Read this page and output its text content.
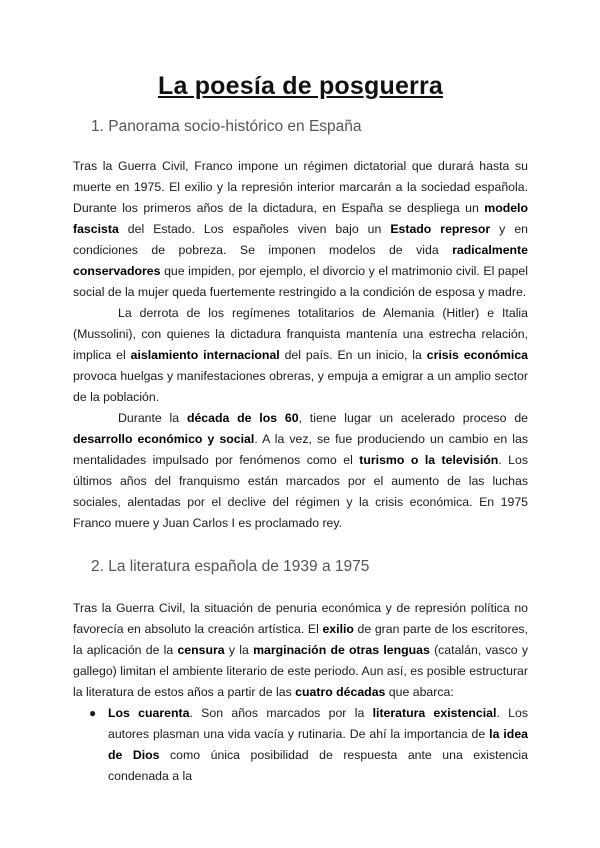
La poesía de posguerra
1. Panorama socio-histórico en España

Tras la Guerra Civil, Franco impone un régimen dictatorial que durará hasta su muerte en 1975. El exilio y la represión interior marcarán a la sociedad española. Durante los primeros años de la dictadura, en España se despliega un modelo fascista del Estado. Los españoles viven bajo un Estado represor y en condiciones de pobreza. Se imponen modelos de vida radicalmente conservadores que impiden, por ejemplo, el divorcio y el matrimonio civil. El papel social de la mujer queda fuertemente restringido a la condición de esposa y madre.

La derrota de los regímenes totalitarios de Alemania (Hitler) e Italia (Mussolini), con quienes la dictadura franquista mantenía una estrecha relación, implica el aislamiento internacional del país. En un inicio, la crisis económica provoca huelgas y manifestaciones obreras, y empuja a emigrar a un amplio sector de la población.

Durante la década de los 60, tiene lugar un acelerado proceso de desarrollo económico y social. A la vez, se fue produciendo un cambio en las mentalidades impulsado por fenómenos como el turismo o la televisión. Los últimos años del franquismo están marcados por el aumento de las luchas sociales, alentadas por el declive del régimen y la crisis económica. En 1975 Franco muere y Juan Carlos I es proclamado rey.

2. La literatura española de 1939 a 1975

Tras la Guerra Civil, la situación de penuria económica y de represión política no favorecía en absoluto la creación artística. El exilio de gran parte de los escritores, la aplicación de la censura y la marginación de otras lenguas (catalán, vasco y gallego) limitan el ambiente literario de este periodo. Aun así, es posible estructurar la literatura de estos años a partir de las cuatro décadas que abarca:

● Los cuarenta. Son años marcados por la literatura existencial. Los autores plasman una vida vacía y rutinaria. De ahí la importancia de la idea de Dios como única posibilidad de respuesta ante una existencia condenada a la
